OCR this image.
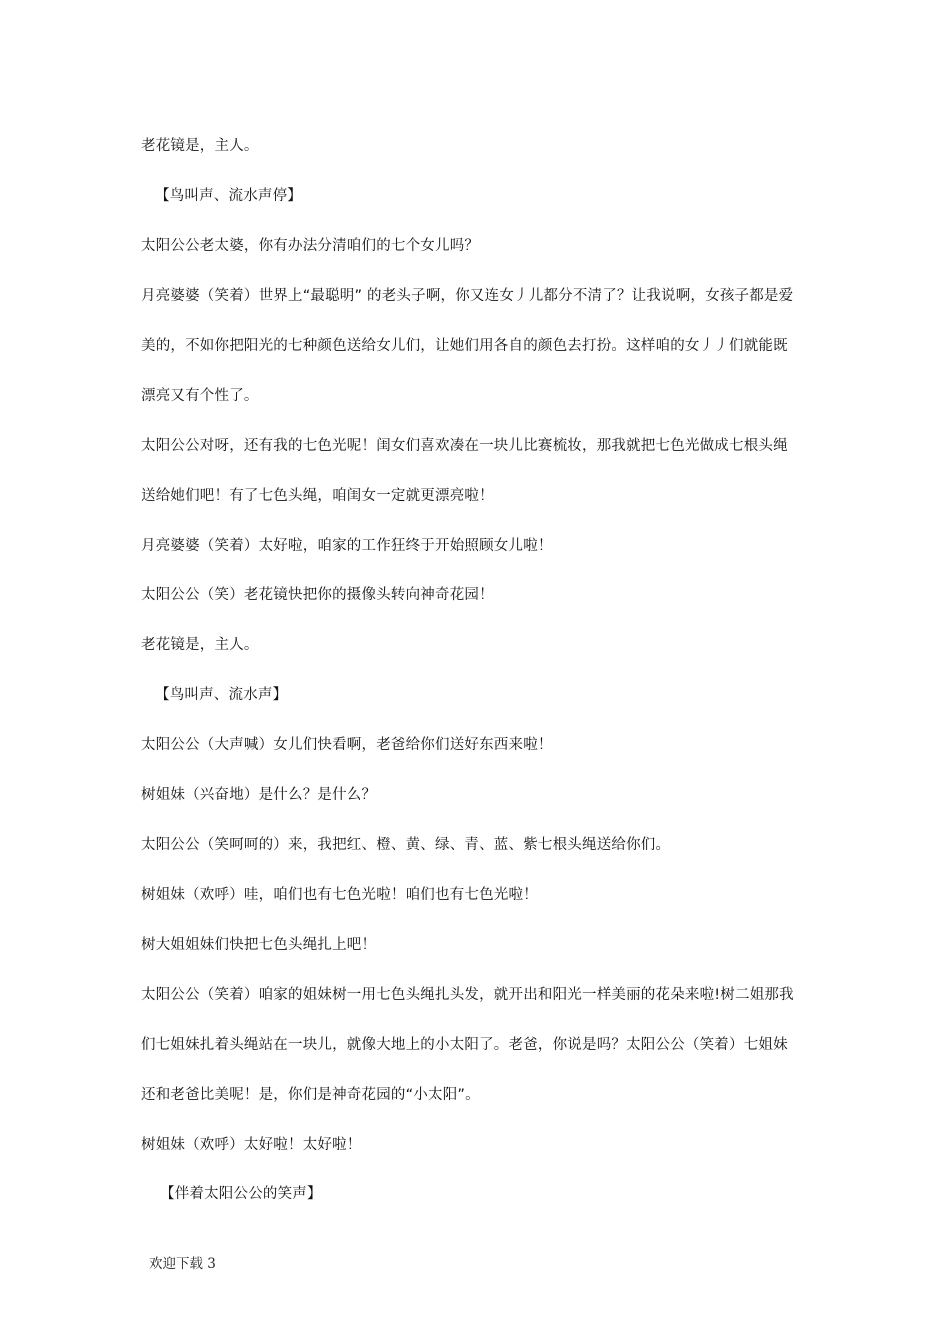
老花镜是，主人。
【鸟叫声、流水声停】
太阳公公老太婆，你有办法分清咱们的七个女儿吗？
月亮婆婆（笑着）世界上“最聪明” 的老头子啊，你又连女丿儿都分不清了？让我说啊，女孩子都是爱
美的，不如你把阳光的七种颜色送给女儿们，让她们用各自的颜色去打扮。这样咱的女丿丿们就能既
漂亮又有个性了。
太阳公公对呀，还有我的七色光呢！闺女们喜欢凑在一块儿比赛梳妆，那我就把七色光做成七根头绳
送给她们吧！有了七色头绳，咱闺女一定就更漂亮啦！
月亮婆婆（笑着）太好啦，咱家的工作狂终于开始照顾女儿啦！
太阳公公（笑）老花镜快把你的摄像头转向神奇花园！
老花镜是，主人。
【鸟叫声、流水声】
太阳公公（大声喊）女儿们快看啊，老爸给你们送好东西来啦！
树姐妹（兴奋地）是什么？是什么？
太阳公公（笑呵呵的）来，我把红、橙、黄、绿、青、蓝、紫七根头绳送给你们。
树姐妹（欢呼）哇，咱们也有七色光啦！咱们也有七色光啦！
树大姐姐妹们快把七色头绳扎上吧！
太阳公公（笑着）咱家的姐妹树一用七色头绳扎头发，就开出和阳光一样美丽的花朵来啦!树二姐那我
们七姐妹扎着头绳站在一块儿，就像大地上的小太阳了。老爸，你说是吗？太阳公公（笑着）七姐妹
还和老爸比美呢！是，你们是神奇花园的“小太阳”。
树姐妹（欢呼）太好啦！太好啦！
【伴着太阳公公的笑声】
欢迎下载 3
